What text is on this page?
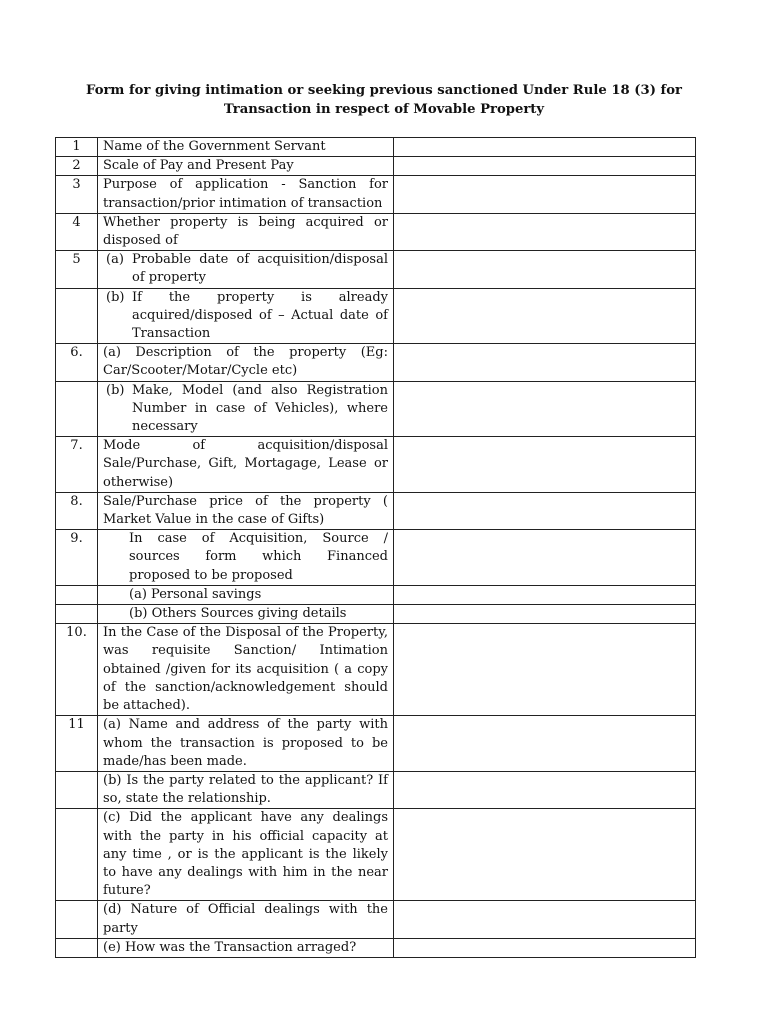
Form for giving intimation or seeking previous sanctioned Under Rule 18 (3) for
Transaction in respect of Movable Property
1	Name of the Government Servant	
2	Scale of Pay and Present Pay	
3	Purpose of application - Sanction for transaction/prior intimation of transaction	
4	Whether property is being acquired or disposed of	
5	(a) Probable date of acquisition/disposal of property	

	(b) If the property is already acquired/disposed of – Actual date of Transaction	

6.	(a) Description of the property (Eg: Car/Scooter/Motar/Cycle etc)	

	(b) Make, Model (and also Registration Number in case of Vehicles), where necessary	

7.	Mode of acquisition/disposal Sale/Purchase, Gift, Mortagage, Lease or otherwise)	
8.	Sale/Purchase price of the property ( Market Value in the case of Gifts)	
9.	In case of Acquisition, Source / sources form which Financed proposed to be proposed	

	(a) Personal savings	

	(b) Others Sources giving details	

10.	In the Case of the Disposal of the Property, was requisite Sanction/ Intimation obtained /given for its acquisition ( a copy of the sanction/acknowledgement should be attached).	
11	(a) Name and address of the party with whom the transaction is proposed to be made/has been made.	
	(b) Is the party related to the applicant? If so, state the relationship.	
	(c) Did the applicant have any dealings with the party in his official capacity at any time , or is the applicant is the likely to have any dealings with him in the near future?	
	(d) Nature of Official dealings with the party	

	(e) How was the Transaction arraged?	
